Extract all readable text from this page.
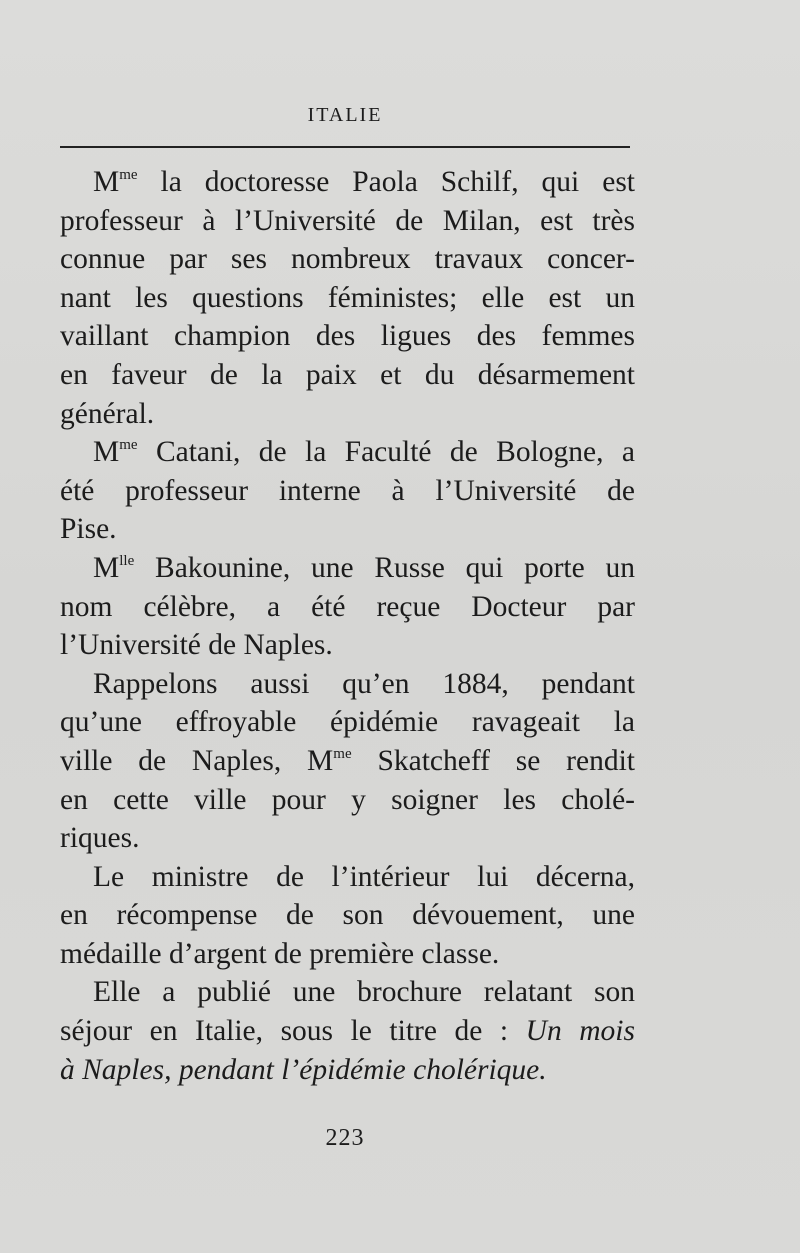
ITALIE
$M^{me}$ la doctoresse Paola Schilf, qui est
professeur à l’Université de Milan, est très
connue par ses nombreux travaux concer-
nant les questions féministes; elle est un
vaillant champion des ligues des femmes
en faveur de la paix et du désarmement
général.
$M^{me}$ Catani, de la Faculté de Bologne, a
été professeur interne à l’Université de
Pise.
$M^{lle}$ Bakounine, une Russe qui porte un
nom célèbre, a été reçue Docteur par
l’Université de Naples.
Rappelons aussi qu’en 1884, pendant
qu’une effroyable épidémie ravageait la
ville de Naples, $M^{me}$ Skatcheff se rendit
en cette ville pour y soigner les cholé-
riques.
Le ministre de l’intérieur lui décerna,
en récompense de son dévouement, une
médaille d’argent de première classe.
Elle a publié une brochure relatant son
séjour en Italie, sous le titre de : Un mois
à Naples, pendant l’épidémie cholérique.
223
